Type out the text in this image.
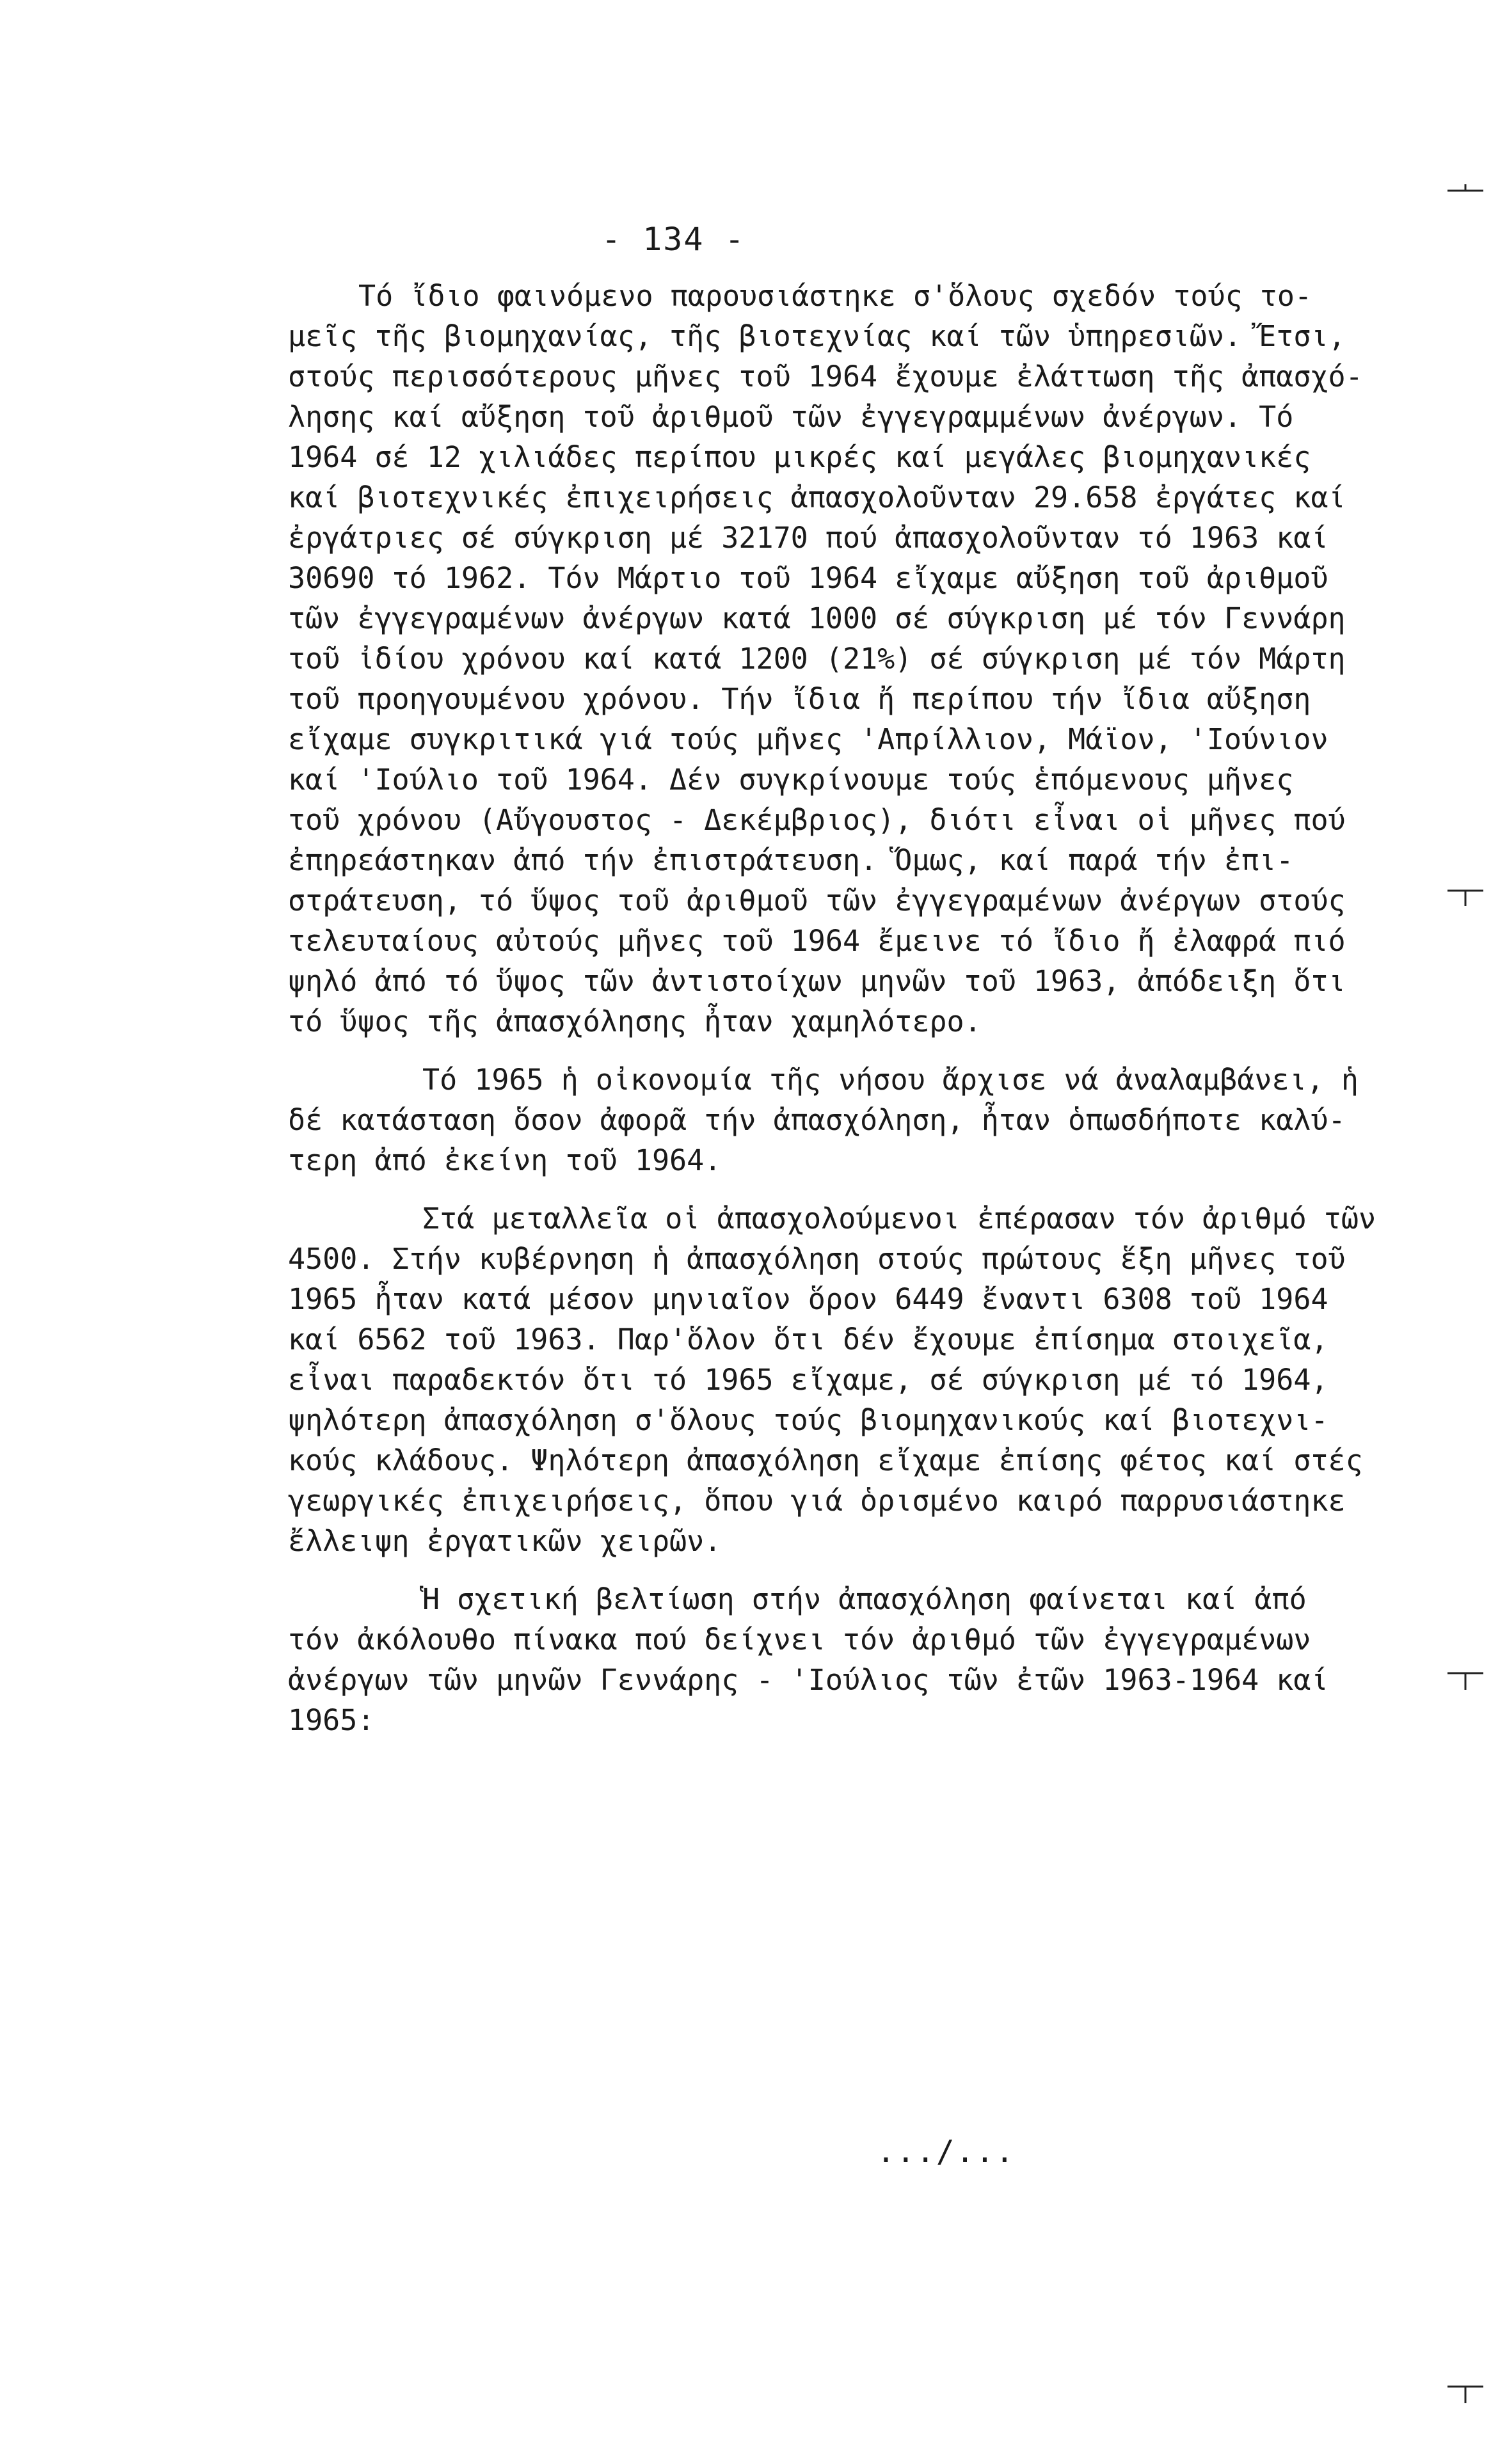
- 134 -
Τό ἴδιο φαινόμενο παρουσιάστηκε σ'ὅλους σχεδόν τούς το-
μεῖς τῆς βιομηχανίας, τῆς βιοτεχνίας καί τῶν ὑπηρεσιῶν. Ἔτσι,
στούς περισσότερους μῆνες τοῦ 1964 ἔχουμε ἐλάττωση τῆς ἀπασχό-
λησης καί αὔξηση τοῦ ἀριθμοῦ τῶν ἐγγεγραμμένων ἀνέργων. Τό
1964 σέ 12 χιλιάδες περίπου μικρές καί μεγάλες βιομηχανικές
καί βιοτεχνικές ἐπιχειρήσεις ἀπασχολοῦνταν 29.658 ἐργάτες καί
ἐργάτριες σέ σύγκριση μέ 32170 πού ἀπασχολοῦνταν τό 1963 καί
30690 τό 1962. Τόν Μάρτιο τοῦ 1964 εἴχαμε αὔξηση τοῦ ἀριθμοῦ
τῶν ἐγγεγραμένων ἀνέργων κατά 1000 σέ σύγκριση μέ τόν Γεννάρη
τοῦ ἰδίου χρόνου καί κατά 1200 (21%) σέ σύγκριση μέ τόν Μάρτη
τοῦ προηγουμένου χρόνου. Τήν ἴδια ἤ περίπου τήν ἴδια αὔξηση
εἴχαμε συγκριτικά γιά τούς μῆνες 'Απρίλλιον, Μάϊον, 'Ιούνιον
καί 'Ιούλιο τοῦ 1964. Δέν συγκρίνουμε τούς ἑπόμενους μῆνες
τοῦ χρόνου (Αὔγουστος - Δεκέμβριος), διότι εἶναι οἱ μῆνες πού
ἐπηρεάστηκαν ἀπό τήν ἐπιστράτευση. Ὅμως, καί παρά τήν ἐπι-
στράτευση, τό ὕψος τοῦ ἀριθμοῦ τῶν ἐγγεγραμένων ἀνέργων στούς
τελευταίους αὐτούς μῆνες τοῦ 1964 ἔμεινε τό ἴδιο ἤ ἐλαφρά πιό
ψηλό ἀπό τό ὕψος τῶν ἀντιστοίχων μηνῶν τοῦ 1963, ἀπόδειξη ὅτι
τό ὕψος τῆς ἀπασχόλησης ἦταν χαμηλότερο.
Τό 1965 ἡ οἰκονομία τῆς νήσου ἄρχισε νά ἀναλαμβάνει, ἡ
δέ κατάσταση ὅσον ἀφορᾶ τήν ἀπασχόληση, ἦταν ὁπωσδήποτε καλύ-
τερη ἀπό ἐκείνη τοῦ 1964.
Στά μεταλλεῖα οἱ ἀπασχολούμενοι ἐπέρασαν τόν ἀριθμό τῶν
4500. Στήν κυβέρνηση ἡ ἀπασχόληση στούς πρώτους ἕξη μῆνες τοῦ
1965 ἦταν κατά μέσον μηνιαῖον ὅρον 6449 ἔναντι 6308 τοῦ 1964
καί 6562 τοῦ 1963. Παρ'ὅλον ὅτι δέν ἔχουμε ἐπίσημα στοιχεῖα,
εἶναι παραδεκτόν ὅτι τό 1965 εἴχαμε, σέ σύγκριση μέ τό 1964,
ψηλότερη ἀπασχόληση σ'ὅλους τούς βιομηχανικούς καί βιοτεχνι-
κούς κλάδους. Ψηλότερη ἀπασχόληση εἴχαμε ἐπίσης φέτος καί στές
γεωργικές ἐπιχειρήσεις, ὅπου γιά ὁρισμένο καιρό παρρυσιάστηκε
ἔλλειψη ἐργατικῶν χειρῶν.
Ἡ σχετική βελτίωση στήν ἀπασχόληση φαίνεται καί ἀπό
τόν ἀκόλουθο πίνακα πού δείχνει τόν ἀριθμό τῶν ἐγγεγραμένων
ἀνέργων τῶν μηνῶν Γεννάρης - 'Ιούλιος τῶν ἐτῶν 1963-1964 καί
1965:
.../...
